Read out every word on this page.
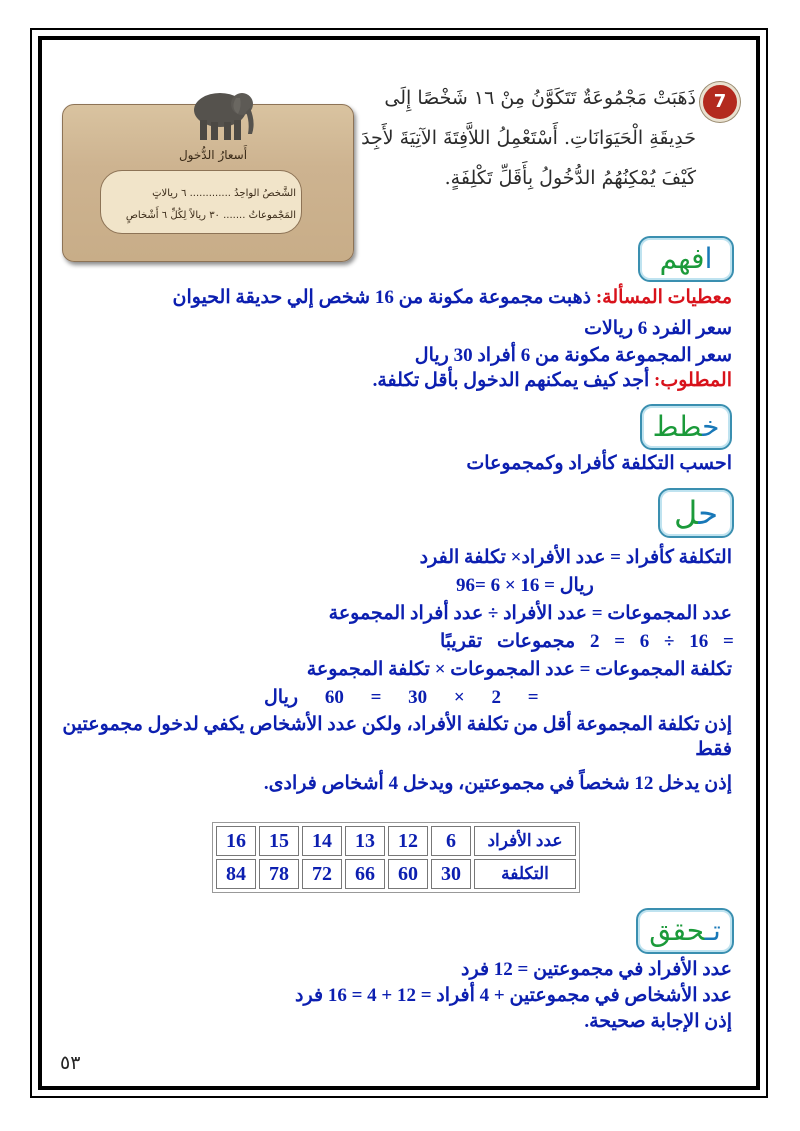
أَسعارُ الدُّخول
الشَّخصُ الواحِدُ ............. ٦ ريالاتٍ
المَجْموعاتُ ....... ٣٠ ريالاً لِكُلِّ ٦ أَشْخاصٍ
7
ذَهَبَتْ مَجْمُوعَةٌ تَتَكَوَّنُ مِنْ ١٦ شَخْصًا إِلَى حَدِيقَةِ الْحَيَوَانَاتِ. أَسْتَعْمِلُ اللاَّفِتَةَ الآتِيَةَ لأَجِدَ كَيْفَ يُمْكِنُهُمُ الدُّخُولُ بِأَقَلِّ تَكْلِفَةٍ.
افهم
معطيات المسألة: ذهبت مجموعة مكونة من 16 شخص إلي حديقة الحيوان
سعر الفرد 6 ريالات
سعر المجموعة مكونة من 6 أفراد 30 ريال
المطلوب: أجد كيف يمكنهم الدخول بأقل تكلفة.
خطط
احسب التكلفة كأفراد وكمجموعات
حل
التكلفة كأفراد = عدد الأفراد× تكلفة الفرد
96= 6 × 16 = ريال
عدد المجموعات = عدد الأفراد ÷ عدد أفراد المجموعة
= 16 ÷ 6 = 2 مجموعات تقريبًا
تكلفة المجموعات = عدد المجموعات × تكلفة المجموعة
= 2 × 30 = 60 ريال
إذن تكلفة المجموعة أقل من تكلفة الأفراد، ولكن عدد الأشخاص يكفي لدخول مجموعتين
فقط
إذن يدخل 12 شخصاً في مجموعتين، ويدخل 4 أشخاص فرادى.
عدد الأفراد	6	12	13	14	15	16
التكلفة	30	60	66	72	78	84
تـحقق
عدد الأفراد في مجموعتين = 12 فرد
عدد الأشخاص في مجموعتين + 4 أفراد = 12 + 4 = 16 فرد
إذن الإجابة صحيحة.
٥٣
